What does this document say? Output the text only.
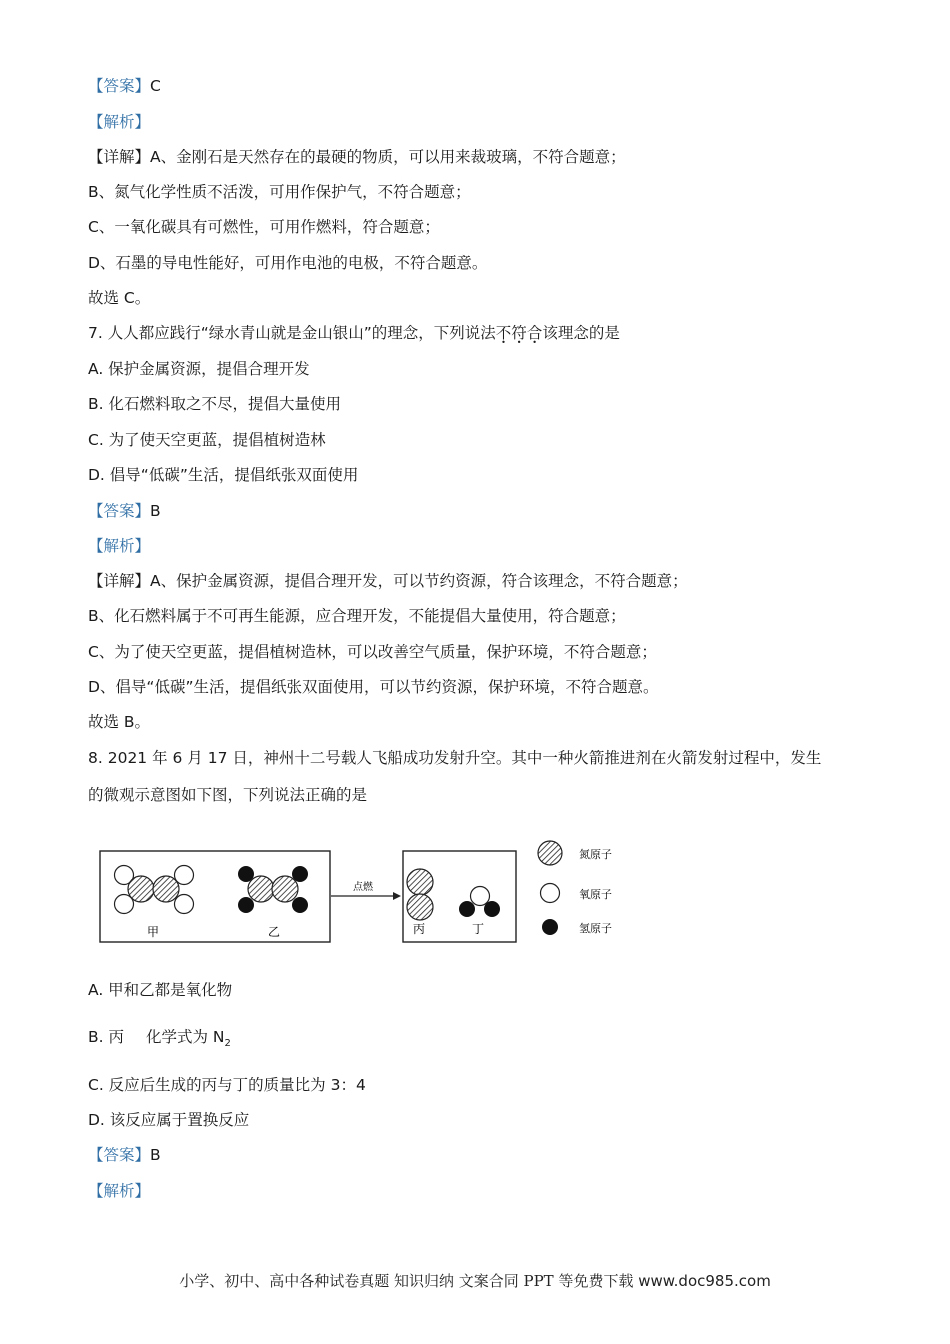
【答案】C
【解析】
【详解】A、金刚石是天然存在的最硬的物质，可以用来裁玻璃，不符合题意；
B、氮气化学性质不活泼，可用作保护气，不符合题意；
C、一氧化碳具有可燃性，可用作燃料，符合题意；
D、石墨的导电性能好，可用作电池的电极，不符合题意。
故选 C。
7. 人人都应践行“绿水青山就是金山银山”的理念，下列说法不符合该理念的是
A. 保护金属资源，提倡合理开发
B. 化石燃料取之不尽，提倡大量使用
C. 为了使天空更蓝，提倡植树造林
D. 倡导“低碳”生活，提倡纸张双面使用
【答案】B
【解析】
【详解】A、保护金属资源，提倡合理开发，可以节约资源，符合该理念，不符合题意；
B、化石燃料属于不可再生能源，应合理开发，不能提倡大量使用，符合题意；
C、为了使天空更蓝，提倡植树造林，可以改善空气质量，保护环境，不符合题意；
D、倡导“低碳”生活，提倡纸张双面使用，可以节约资源，保护环境，不符合题意。
故选 B。
8. 2021 年 6 月 17 日，神州十二号载人飞船成功发射升空。其中一种火箭推进剂在火箭发射过程中，发生
的微观示意图如下图，下列说法正确的是
甲	乙
点燃
丙	丁
氮原子
氧原子
氢原子
A. 甲和乙都是氧化物
B. 丙 化学式为 $N_2$
C. 反应后生成的丙与丁的质量比为 3：4
D. 该反应属于置换反应
【答案】B
【解析】
小学、初中、高中各种试卷真题 知识归纳 文案合同 PPT 等免费下载 www.doc985.com
